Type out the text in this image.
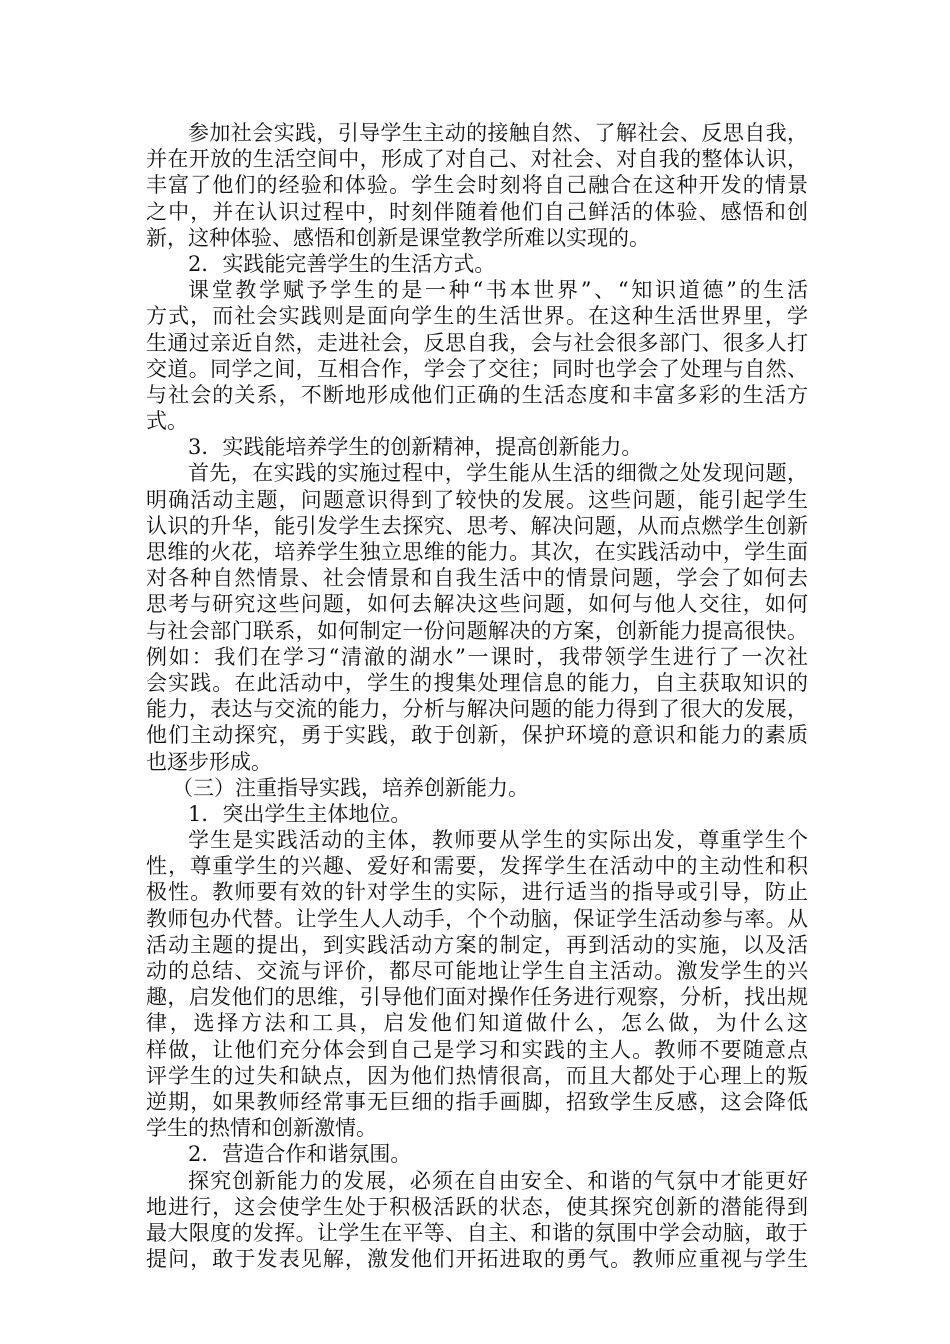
参加社会实践，引导学生主动的接触自然、了解社会、反思自我，
并在开放的生活空间中，形成了对自己、对社会、对自我的整体认识，
丰富了他们的经验和体验。学生会时刻将自己融合在这种开发的情景
之中，并在认识过程中，时刻伴随着他们自己鲜活的体验、感悟和创
新，这种体验、感悟和创新是课堂教学所难以实现的。
2．实践能完善学生的生活方式。
课堂教学赋予学生的是一种“书本世界”、“知识道德”的生活
方式，而社会实践则是面向学生的生活世界。在这种生活世界里，学
生通过亲近自然，走进社会，反思自我，会与社会很多部门、很多人打
交道。同学之间，互相合作，学会了交往；同时也学会了处理与自然、
与社会的关系，不断地形成他们正确的生活态度和丰富多彩的生活方
式。
3．实践能培养学生的创新精神，提高创新能力。
首先，在实践的实施过程中，学生能从生活的细微之处发现问题，
明确活动主题，问题意识得到了较快的发展。这些问题，能引起学生
认识的升华，能引发学生去探究、思考、解决问题，从而点燃学生创新
思维的火花，培养学生独立思维的能力。其次，在实践活动中，学生面
对各种自然情景、社会情景和自我生活中的情景问题，学会了如何去
思考与研究这些问题，如何去解决这些问题，如何与他人交往，如何
与社会部门联系，如何制定一份问题解决的方案，创新能力提高很快。
例如：我们在学习“清澈的湖水”一课时，我带领学生进行了一次社
会实践。在此活动中，学生的搜集处理信息的能力，自主获取知识的
能力，表达与交流的能力，分析与解决问题的能力得到了很大的发展，
他们主动探究，勇于实践，敢于创新，保护环境的意识和能力的素质
也逐步形成。
（三）注重指导实践，培养创新能力。
1．突出学生主体地位。
学生是实践活动的主体，教师要从学生的实际出发，尊重学生个
性，尊重学生的兴趣、爱好和需要，发挥学生在活动中的主动性和积
极性。教师要有效的针对学生的实际，进行适当的指导或引导，防止
教师包办代替。让学生人人动手，个个动脑，保证学生活动参与率。从
活动主题的提出，到实践活动方案的制定，再到活动的实施，以及活
动的总结、交流与评价，都尽可能地让学生自主活动。激发学生的兴
趣，启发他们的思维，引导他们面对操作任务进行观察，分析，找出规
律，选择方法和工具，启发他们知道做什么，怎么做，为什么这
样做，让他们充分体会到自己是学习和实践的主人。教师不要随意点
评学生的过失和缺点，因为他们热情很高，而且大都处于心理上的叛
逆期，如果教师经常事无巨细的指手画脚，招致学生反感，这会降低
学生的热情和创新激情。
2．营造合作和谐氛围。
探究创新能力的发展，必须在自由安全、和谐的气氛中才能更好
地进行，这会使学生处于积极活跃的状态，使其探究创新的潜能得到
最大限度的发挥。让学生在平等、自主、和谐的氛围中学会动脑，敢于
提问，敢于发表见解，激发他们开拓进取的勇气。教师应重视与学生
